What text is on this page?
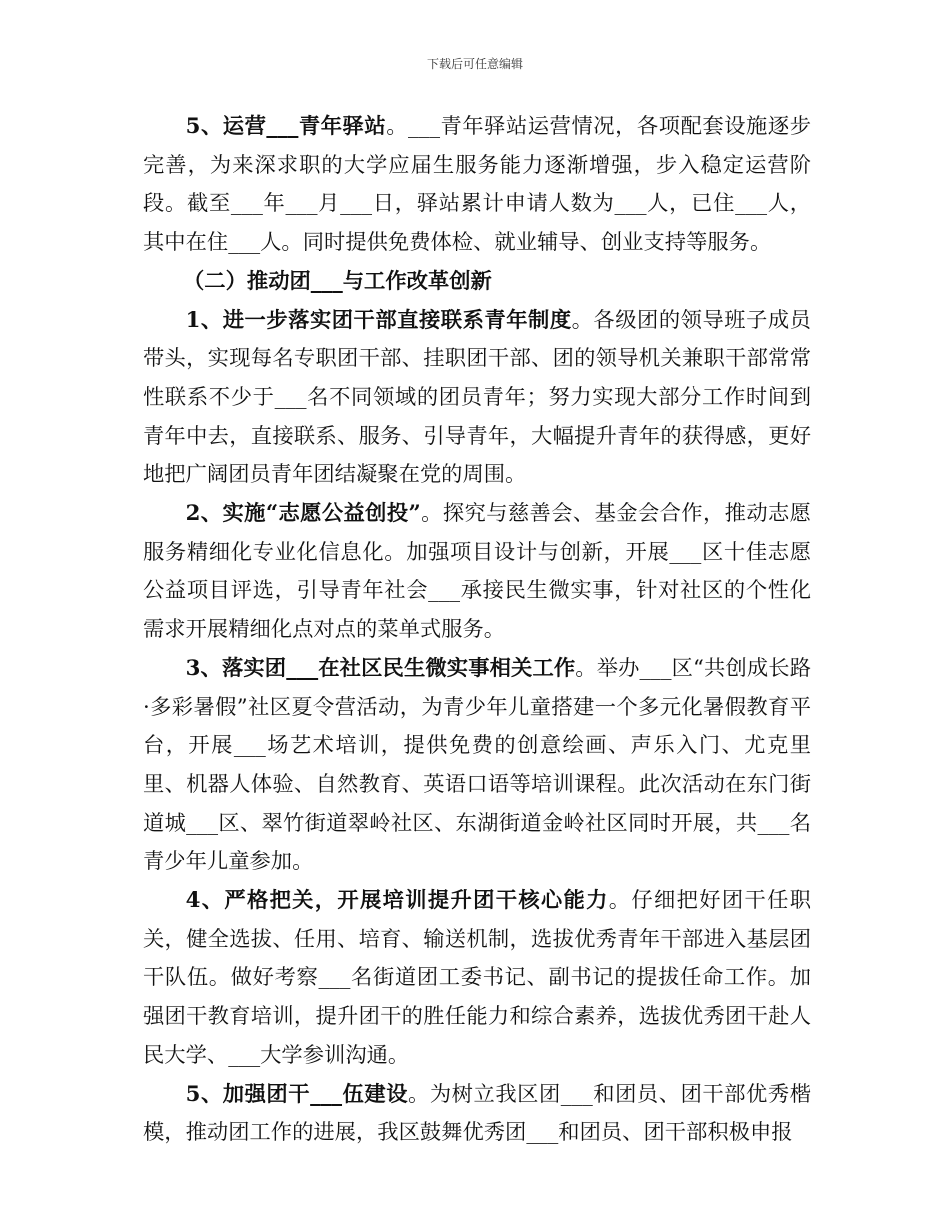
下载后可任意编辑

5、运营___青年驿站。___青年驿站运营情况，各项配套设施逐步完善，为来深求职的大学应届生服务能力逐渐增强，步入稳定运营阶段。截至___年___月___日，驿站累计申请人数为___人，已住___人，其中在住___人。同时提供免费体检、就业辅导、创业支持等服务。

（二）推动团___与工作改革创新

1、进一步落实团干部直接联系青年制度。各级团的领导班子成员带头，实现每名专职团干部、挂职团干部、团的领导机关兼职干部常常性联系不少于___名不同领域的团员青年；努力实现大部分工作时间到青年中去，直接联系、服务、引导青年，大幅提升青年的获得感，更好地把广阔团员青年团结凝聚在党的周围。

2、实施“志愿公益创投”。探究与慈善会、基金会合作，推动志愿服务精细化专业化信息化。加强项目设计与创新，开展___区十佳志愿公益项目评选，引导青年社会___承接民生微实事，针对社区的个性化需求开展精细化点对点的菜单式服务。

3、落实团___在社区民生微实事相关工作。举办___区“共创成长路·多彩暑假”社区夏令营活动，为青少年儿童搭建一个多元化暑假教育平台，开展___场艺术培训，提供免费的创意绘画、声乐入门、尤克里里、机器人体验、自然教育、英语口语等培训课程。此次活动在东门街道城___区、翠竹街道翠岭社区、东湖街道金岭社区同时开展，共___名青少年儿童参加。

4、严格把关，开展培训提升团干核心能力。仔细把好团干任职关，健全选拔、任用、培育、输送机制，选拔优秀青年干部进入基层团干队伍。做好考察___名街道团工委书记、副书记的提拔任命工作。加强团干教育培训，提升团干的胜任能力和综合素养，选拔优秀团干赴人民大学、___大学参训沟通。

5、加强团干___伍建设。为树立我区团___和团员、团干部优秀楷模，推动团工作的进展，我区鼓舞优秀团___和团员、团干部积极申报
